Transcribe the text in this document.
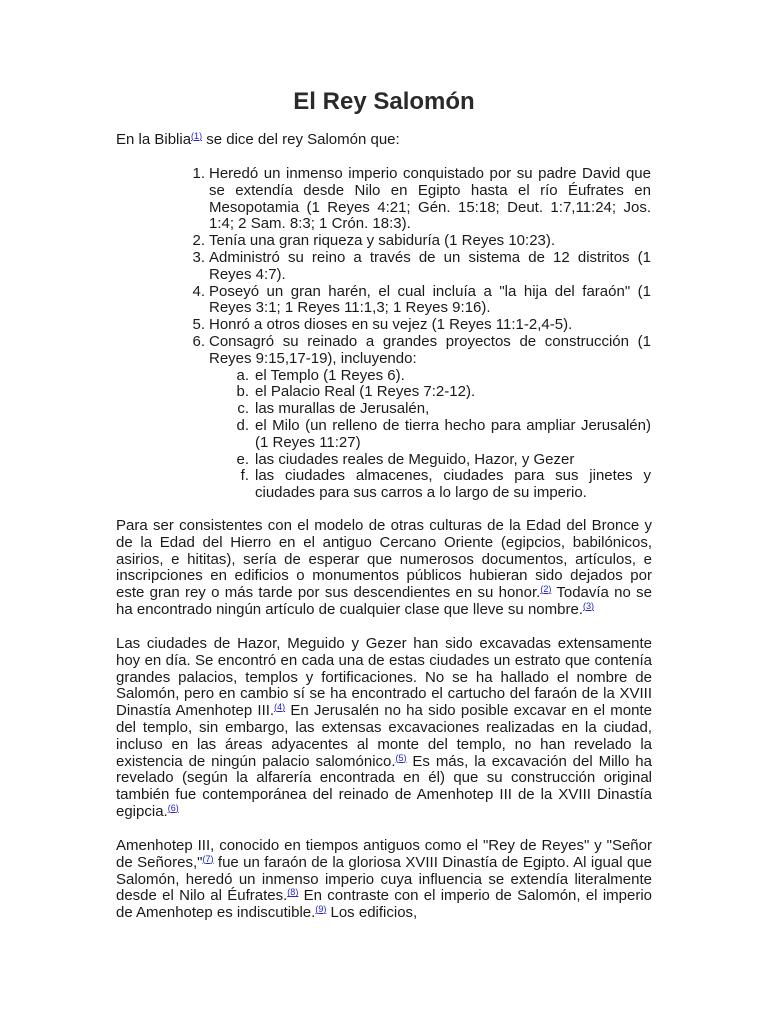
El Rey Salomón

En la Biblia$^{(1)}$ se dice del rey Salomón que:

1. Heredó un inmenso imperio conquistado por su padre David que se extendía desde Nilo en Egipto hasta el río Éufrates en Mesopotamia (1 Reyes 4:21; Gén. 15:18; Deut. 1:7,11:24; Jos. 1:4; 2 Sam. 8:3; 1 Crón. 18:3).
2. Tenía una gran riqueza y sabiduría (1 Reyes 10:23).
3. Administró su reino a través de un sistema de 12 distritos (1 Reyes 4:7).
4. Poseyó un gran harén, el cual incluía a "la hija del faraón" (1 Reyes 3:1; 1 Reyes 11:1,3; 1 Reyes 9:16).
5. Honró a otros dioses en su vejez (1 Reyes 11:1-2,4-5).
6. Consagró su reinado a grandes proyectos de construcción (1 Reyes 9:15,17-19), incluyendo:
a. el Templo (1 Reyes 6).
b. el Palacio Real (1 Reyes 7:2-12).
c. las murallas de Jerusalén,
d. el Milo (un relleno de tierra hecho para ampliar Jerusalén) (1 Reyes 11:27)
e. las ciudades reales de Meguido, Hazor, y Gezer
f. las ciudades almacenes, ciudades para sus jinetes y ciudades para sus carros a lo largo de su imperio.

Para ser consistentes con el modelo de otras culturas de la Edad del Bronce y de la Edad del Hierro en el antiguo Cercano Oriente (egipcios, babilónicos, asirios, e hititas), sería de esperar que numerosos documentos, artículos, e inscripciones en edificios o monumentos públicos hubieran sido dejados por este gran rey o más tarde por sus descendientes en su honor.$^{(2)}$ Todavía no se ha encontrado ningún artículo de cualquier clase que lleve su nombre.$^{(3)}$

Las ciudades de Hazor, Meguido y Gezer han sido excavadas extensamente hoy en día. Se encontró en cada una de estas ciudades un estrato que contenía grandes palacios, templos y fortificaciones. No se ha hallado el nombre de Salomón, pero en cambio sí se ha encontrado el cartucho del faraón de la XVIII Dinastía Amenhotep III.$^{(4)}$ En Jerusalén no ha sido posible excavar en el monte del templo, sin embargo, las extensas excavaciones realizadas en la ciudad, incluso en las áreas adyacentes al monte del templo, no han revelado la existencia de ningún palacio salomónico.$^{(5)}$ Es más, la excavación del Millo ha revelado (según la alfarería encontrada en él) que su construcción original también fue contemporánea del reinado de Amenhotep III de la XVIII Dinastía egipcia.$^{(6)}$

Amenhotep III, conocido en tiempos antiguos como el "Rey de Reyes" y "Señor de Señores,"$^{(7)}$ fue un faraón de la gloriosa XVIII Dinastía de Egipto. Al igual que Salomón, heredó un inmenso imperio cuya influencia se extendía literalmente desde el Nilo al Éufrates.$^{(8)}$ En contraste con el imperio de Salomón, el imperio de Amenhotep es indiscutible.$^{(9)}$ Los edificios,
